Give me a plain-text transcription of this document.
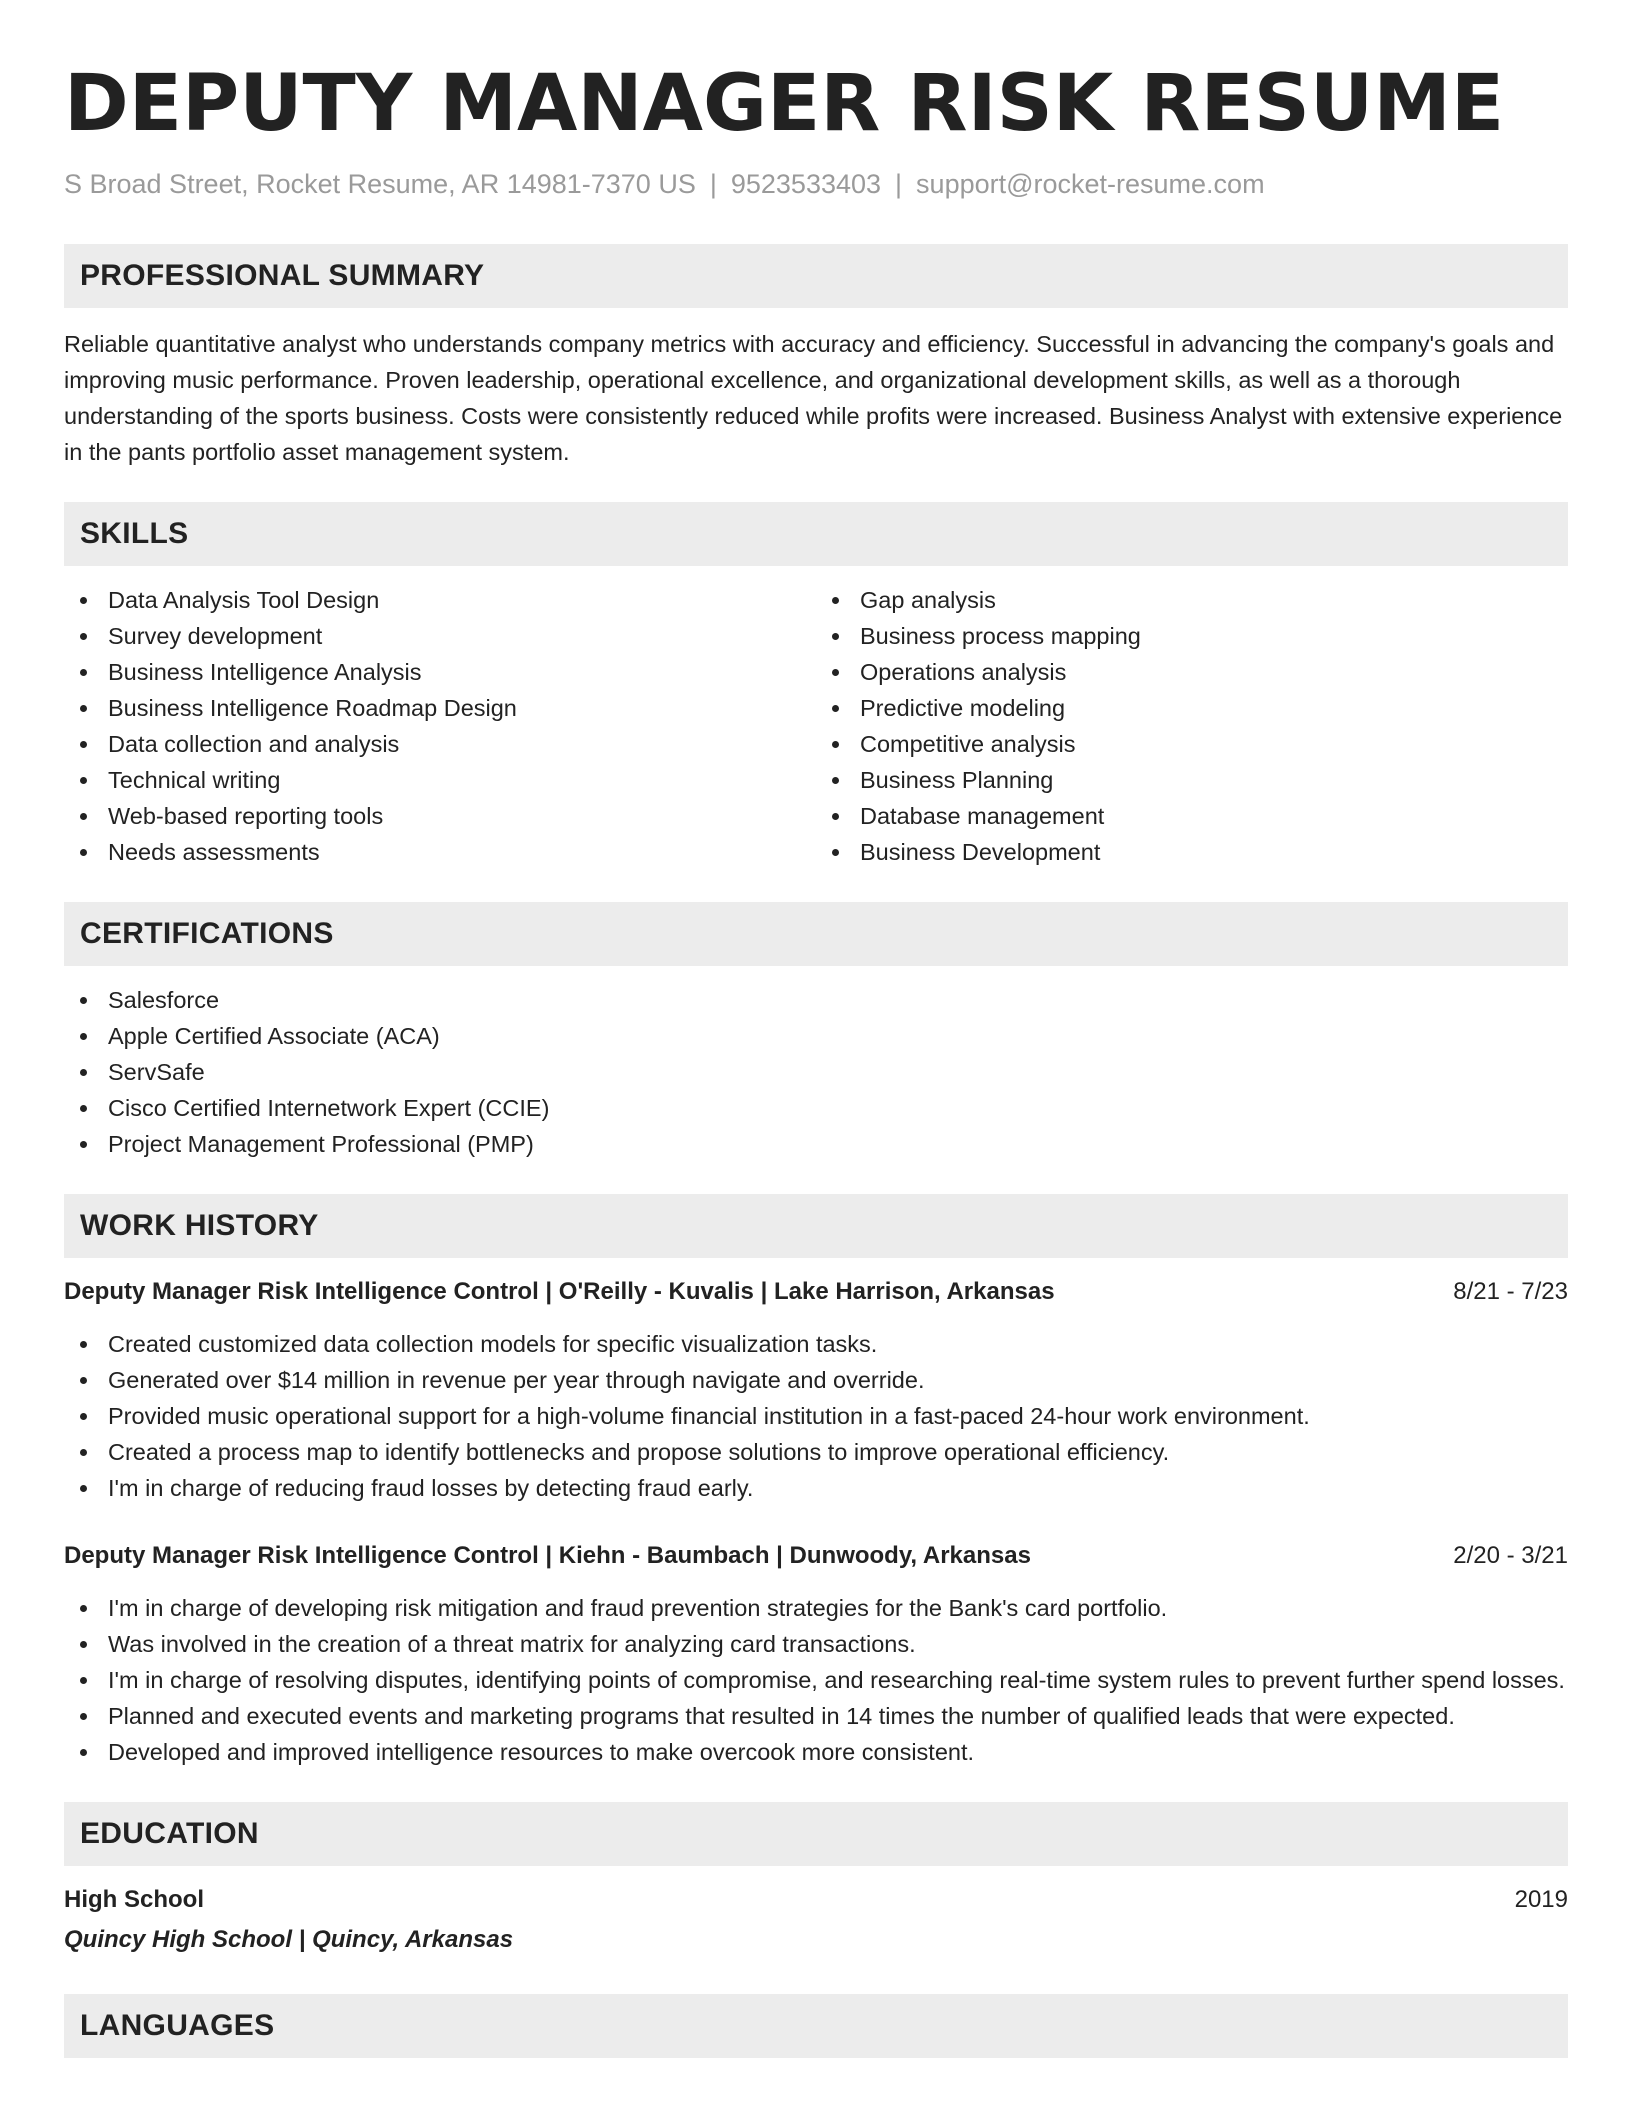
DEPUTY MANAGER RISK RESUME
S Broad Street, Rocket Resume, AR 14981-7370 US | 9523533403 | support@rocket-resume.com
PROFESSIONAL SUMMARY

Reliable quantitative analyst who understands company metrics with accuracy and efficiency. Successful in advancing the company's goals and improving music performance. Proven leadership, operational excellence, and organizational development skills, as well as a thorough understanding of the sports business. Costs were consistently reduced while profits were increased. Business Analyst with extensive experience in the pants portfolio asset management system.

SKILLS
Data Analysis Tool Design
Survey development
Business Intelligence Analysis
Business Intelligence Roadmap Design
Data collection and analysis
Technical writing
Web-based reporting tools
Needs assessments
Gap analysis
Business process mapping
Operations analysis
Predictive modeling
Competitive analysis
Business Planning
Database management
Business Development
CERTIFICATIONS
Salesforce
Apple Certified Associate (ACA)
ServSafe
Cisco Certified Internetwork Expert (CCIE)
Project Management Professional (PMP)
WORK HISTORY
Deputy Manager Risk Intelligence Control | O'Reilly - Kuvalis | Lake Harrison, Arkansas	8/21 - 7/23
Created customized data collection models for specific visualization tasks.
Generated over $14 million in revenue per year through navigate and override.
Provided music operational support for a high-volume financial institution in a fast-paced 24-hour work environment.
Created a process map to identify bottlenecks and propose solutions to improve operational efficiency.
I'm in charge of reducing fraud losses by detecting fraud early.
Deputy Manager Risk Intelligence Control | Kiehn - Baumbach | Dunwoody, Arkansas	2/20 - 3/21
I'm in charge of developing risk mitigation and fraud prevention strategies for the Bank's card portfolio.
Was involved in the creation of a threat matrix for analyzing card transactions.
I'm in charge of resolving disputes, identifying points of compromise, and researching real-time system rules to prevent further spend losses.
Planned and executed events and marketing programs that resulted in 14 times the number of qualified leads that were expected.
Developed and improved intelligence resources to make overcook more consistent.
EDUCATION
High School	2019
Quincy High School | Quincy, Arkansas
LANGUAGES
